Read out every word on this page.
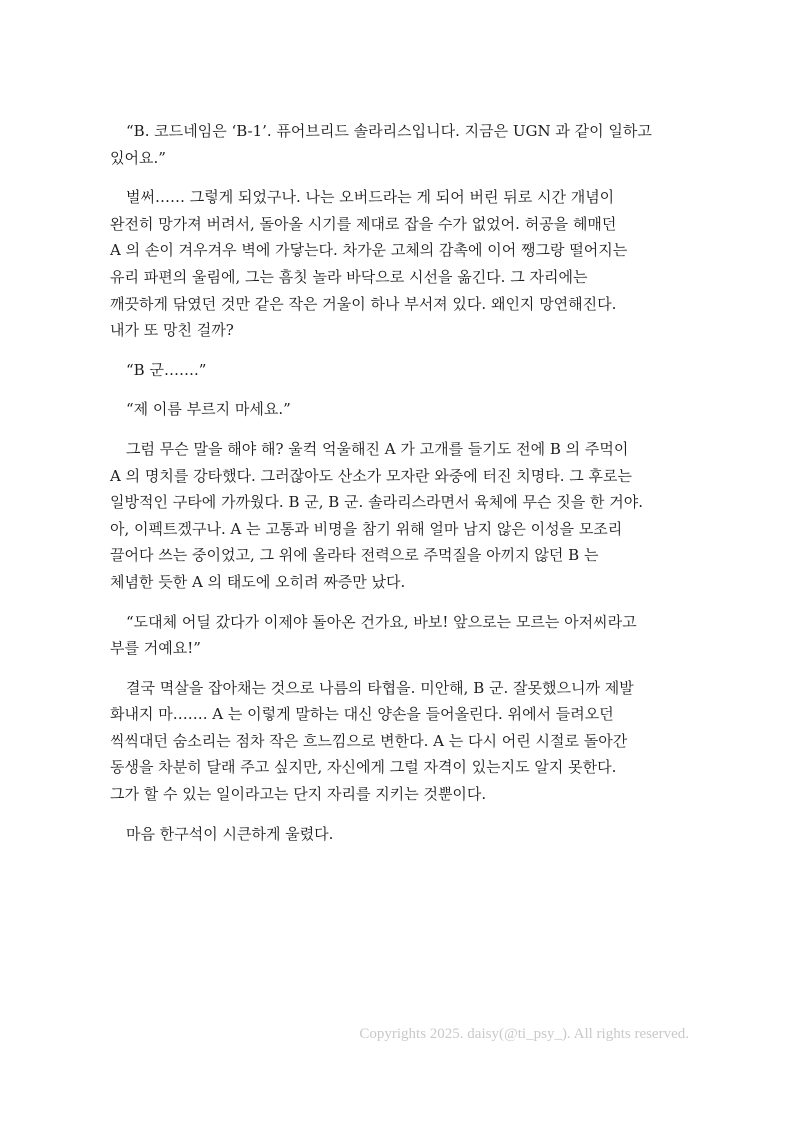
“B. 코드네임은 ‘B-1’. 퓨어브리드 솔라리스입니다. 지금은 UGN 과 같이 일하고
있어요.”
벌써…… 그렇게 되었구나. 나는 오버드라는 게 되어 버린 뒤로 시간 개념이
완전히 망가져 버려서, 돌아올 시기를 제대로 잡을 수가 없었어. 허공을 헤매던
A 의 손이 겨우겨우 벽에 가닿는다. 차가운 고체의 감촉에 이어 쨍그랑 떨어지는
유리 파편의 울림에, 그는 흠칫 놀라 바닥으로 시선을 옮긴다. 그 자리에는
깨끗하게 닦였던 것만 같은 작은 거울이 하나 부서져 있다. 왜인지 망연해진다.
내가 또 망친 걸까?
“B 군…….”
“제 이름 부르지 마세요.”
그럼 무슨 말을 해야 해? 울컥 억울해진 A 가 고개를 들기도 전에 B 의 주먹이
A 의 명치를 강타했다. 그러잖아도 산소가 모자란 와중에 터진 치명타. 그 후로는
일방적인 구타에 가까웠다. B 군, B 군. 솔라리스라면서 육체에 무슨 짓을 한 거야.
아, 이펙트겠구나. A 는 고통과 비명을 참기 위해 얼마 남지 않은 이성을 모조리
끌어다 쓰는 중이었고, 그 위에 올라타 전력으로 주먹질을 아끼지 않던 B 는
체념한 듯한 A 의 태도에 오히려 짜증만 났다.
“도대체 어딜 갔다가 이제야 돌아온 건가요, 바보! 앞으로는 모르는 아저씨라고
부를 거예요!”
결국 멱살을 잡아채는 것으로 나름의 타협을. 미안해, B 군. 잘못했으니까 제발
화내지 마……. A 는 이렇게 말하는 대신 양손을 들어올린다. 위에서 들려오던
씩씩대던 숨소리는 점차 작은 흐느낌으로 변한다. A 는 다시 어린 시절로 돌아간
동생을 차분히 달래 주고 싶지만, 자신에게 그럴 자격이 있는지도 알지 못한다.
그가 할 수 있는 일이라고는 단지 자리를 지키는 것뿐이다.
마음 한구석이 시큰하게 울렸다.
Copyrights 2025. daisy(@ti_psy_). All rights reserved.
